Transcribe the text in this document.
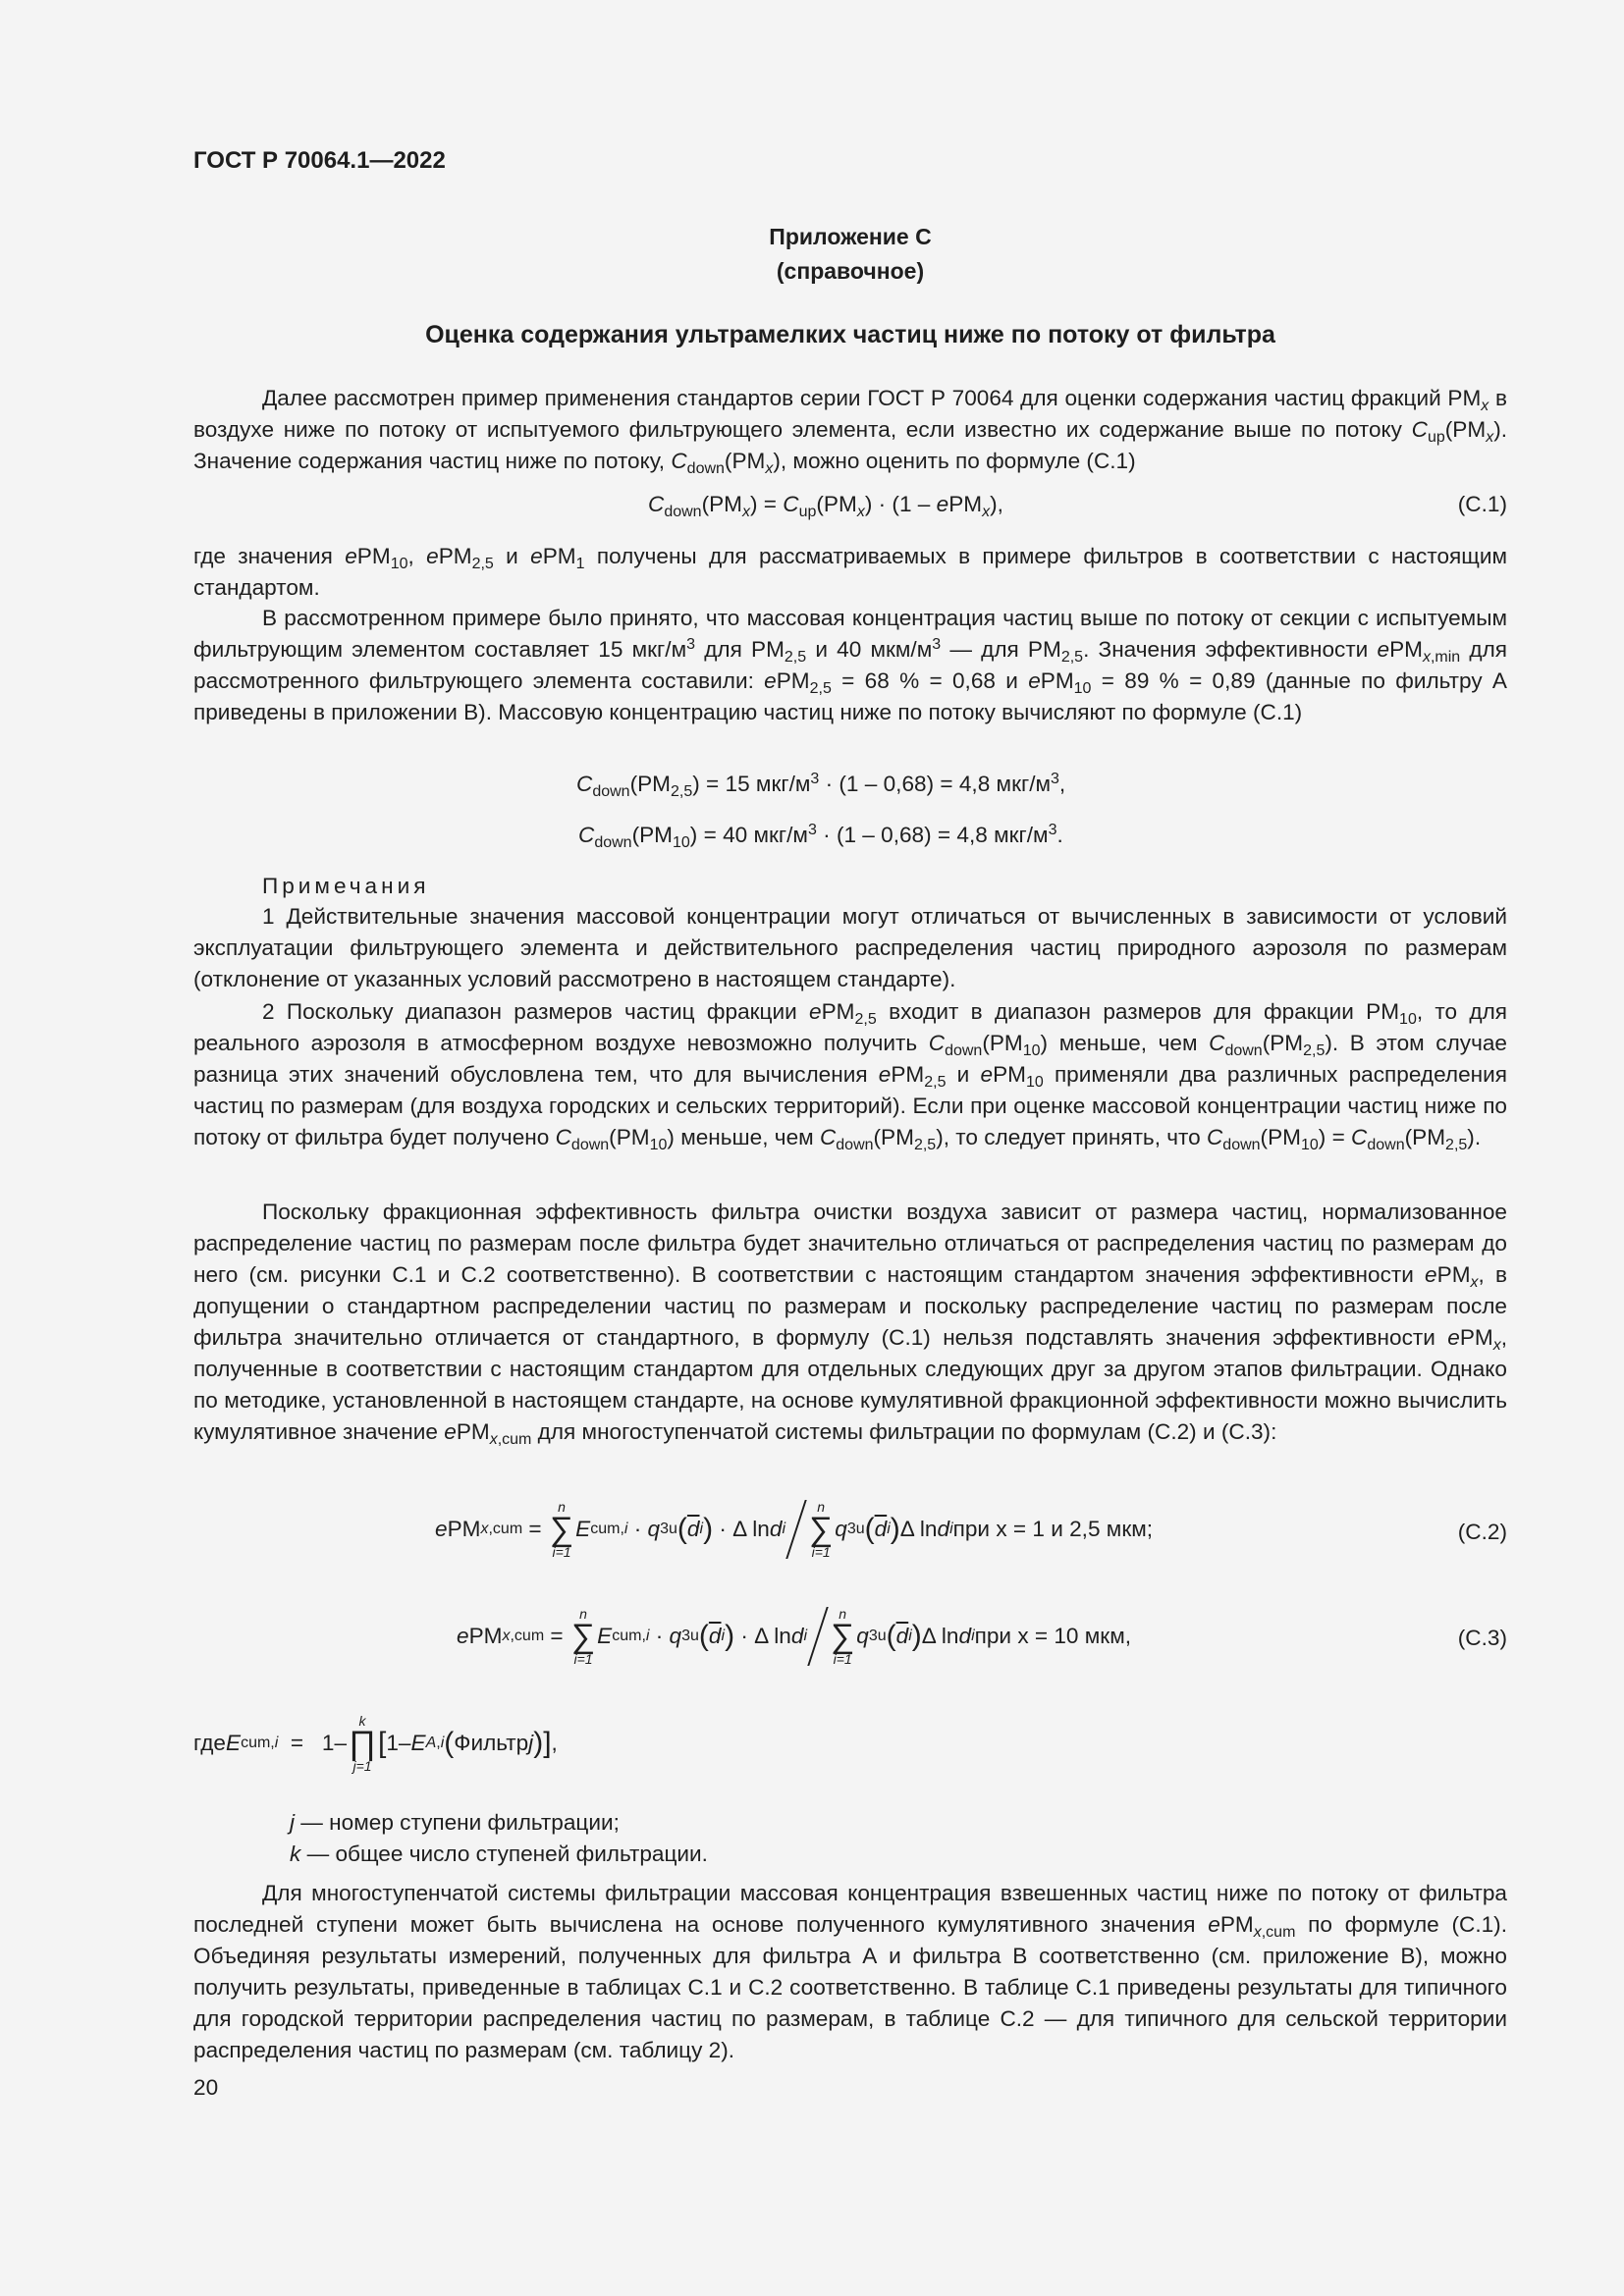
ГОСТ Р 70064.1—2022
Приложение С
(справочное)
Оценка содержания ультрамелких частиц ниже по потоку от фильтра
Далее рассмотрен пример применения стандартов серии ГОСТ Р 70064 для оценки содержания частиц фракций $PM_x$ в воздухе ниже по потоку от испытуемого фильтрующего элемента, если известно их содержание выше по потоку $C_{up}(PM_x)$. Значение содержания частиц ниже по потоку, $C_{down}(PM_x)$, можно оценить по формуле (С.1)
$C_{down}(PM_x) = C_{up}(PM_x) \cdot (1 - ePM_x)$,	(С.1)
где значения ePM$_{10}$, ePM$_{2,5}$ и ePM$_1$ получены для рассматриваемых в примере фильтров в соответствии с настоящим стандартом.
В рассмотренном примере было принято, что массовая концентрация частиц выше по потоку от секции с испытуемым фильтрующим элементом составляет 15 мкг/$м^3$ для $PM_{2,5}$ и 40 мкм/$м^3$ — для $PM_{2,5}$. Значения эффективности ePM$_{x,min}$ для рассмотренного фильтрующего элемента составили: ePM$_{2,5}$ = 68 % = 0,68 и ePM$_{10}$ = 89 % = 0,89 (данные по фильтру А приведены в приложении В). Массовую концентрацию частиц ниже по потоку вычисляют по формуле (С.1)
$C_{down}(PM_{2,5}) = 15$ мкг/$м^3 \cdot (1 - 0,68) = 4,8$ мкг/$м^3$,
$C_{down}(PM_{10}) = 40$ мкг/$м^3 \cdot (1 - 0,68) = 4,8$ мкг/$м^3$.
Примечания
1 Действительные значения массовой концентрации могут отличаться от вычисленных в зависимости от условий эксплуатации фильтрующего элемента и действительного распределения частиц природного аэрозоля по размерам (отклонение от указанных условий рассмотрено в настоящем стандарте).
2 Поскольку диапазон размеров частиц фракции ePM$_{2,5}$ входит в диапазон размеров для фракции $PM_{10}$, то для реального аэрозоля в атмосферном воздухе невозможно получить $C_{down}(PM_{10})$ меньше, чем $C_{down}(PM_{2,5})$. В этом случае разница этих значений обусловлена тем, что для вычисления ePM$_{2,5}$ и ePM$_{10}$ применяли два различных распределения частиц по размерам (для воздуха городских и сельских территорий). Если при оценке массовой концентрации частиц ниже по потоку от фильтра будет получено $C_{down}(PM_{10})$ меньше, чем $C_{down}(PM_{2,5})$, то следует принять, что $C_{down}(PM_{10}) = C_{down}(PM_{2,5})$.
Поскольку фракционная эффективность фильтра очистки воздуха зависит от размера частиц, нормализованное распределение частиц по размерам после фильтра будет значительно отличаться от распределения частиц по размерам до него (см. рисунки С.1 и С.2 соответственно). В соответствии с настоящим стандартом значения эффективности ePM$_x$, в допущении о стандартном распределении частиц по размерам и поскольку распределение частиц по размерам после фильтра значительно отличается от стандартного, в формулу (С.1) нельзя подставлять значения эффективности ePM$_x$, полученные в соответствии с настоящим стандартом для отдельных следующих друг за другом этапов фильтрации. Однако по методике, установленной в настоящем стандарте, на основе кумулятивной фракционной эффективности можно вычислить кумулятивное значение ePM$_{x,cum}$ для многоступенчатой системы фильтрации по формулам (С.2) и (С.3):
e PM x,cum =
n
∑
i=1
E cum,i · q 3u ( $\overline{d}$ i ) · Δ ln d i
n
∑
i=1
q 3u ( $\overline{d}$ i ) Δ ln d i при x = 1 и 2,5 мкм;	(С.2)
e PM x,cum =
n
∑
i=1
E cum,i · q 3u ( $\overline{d}$ i ) · Δ ln d i
n
∑
i=1
q 3u ( $\overline{d}$ i ) Δ ln d i при x = 10 мкм,	(С.3)
где E cum,i =   1–
k
∏
j=1
[ 1– E A,i ( Фильтр j ) ] ,
j — номер ступени фильтрации;
k — общее число ступеней фильтрации.
Для многоступенчатой системы фильтрации массовая концентрация взвешенных частиц ниже по потоку от фильтра последней ступени может быть вычислена на основе полученного кумулятивного значения ePM$_{x,cum}$ по формуле (С.1). Объединяя результаты измерений, полученных для фильтра А и фильтра В соответственно (см. приложение В), можно получить результаты, приведенные в таблицах С.1 и С.2 соответственно. В таблице С.1 приведены результаты для типичного для городской территории распределения частиц по размерам, в таблице С.2 — для типичного для сельской территории распределения частиц по размерам (см. таблицу 2).
20
